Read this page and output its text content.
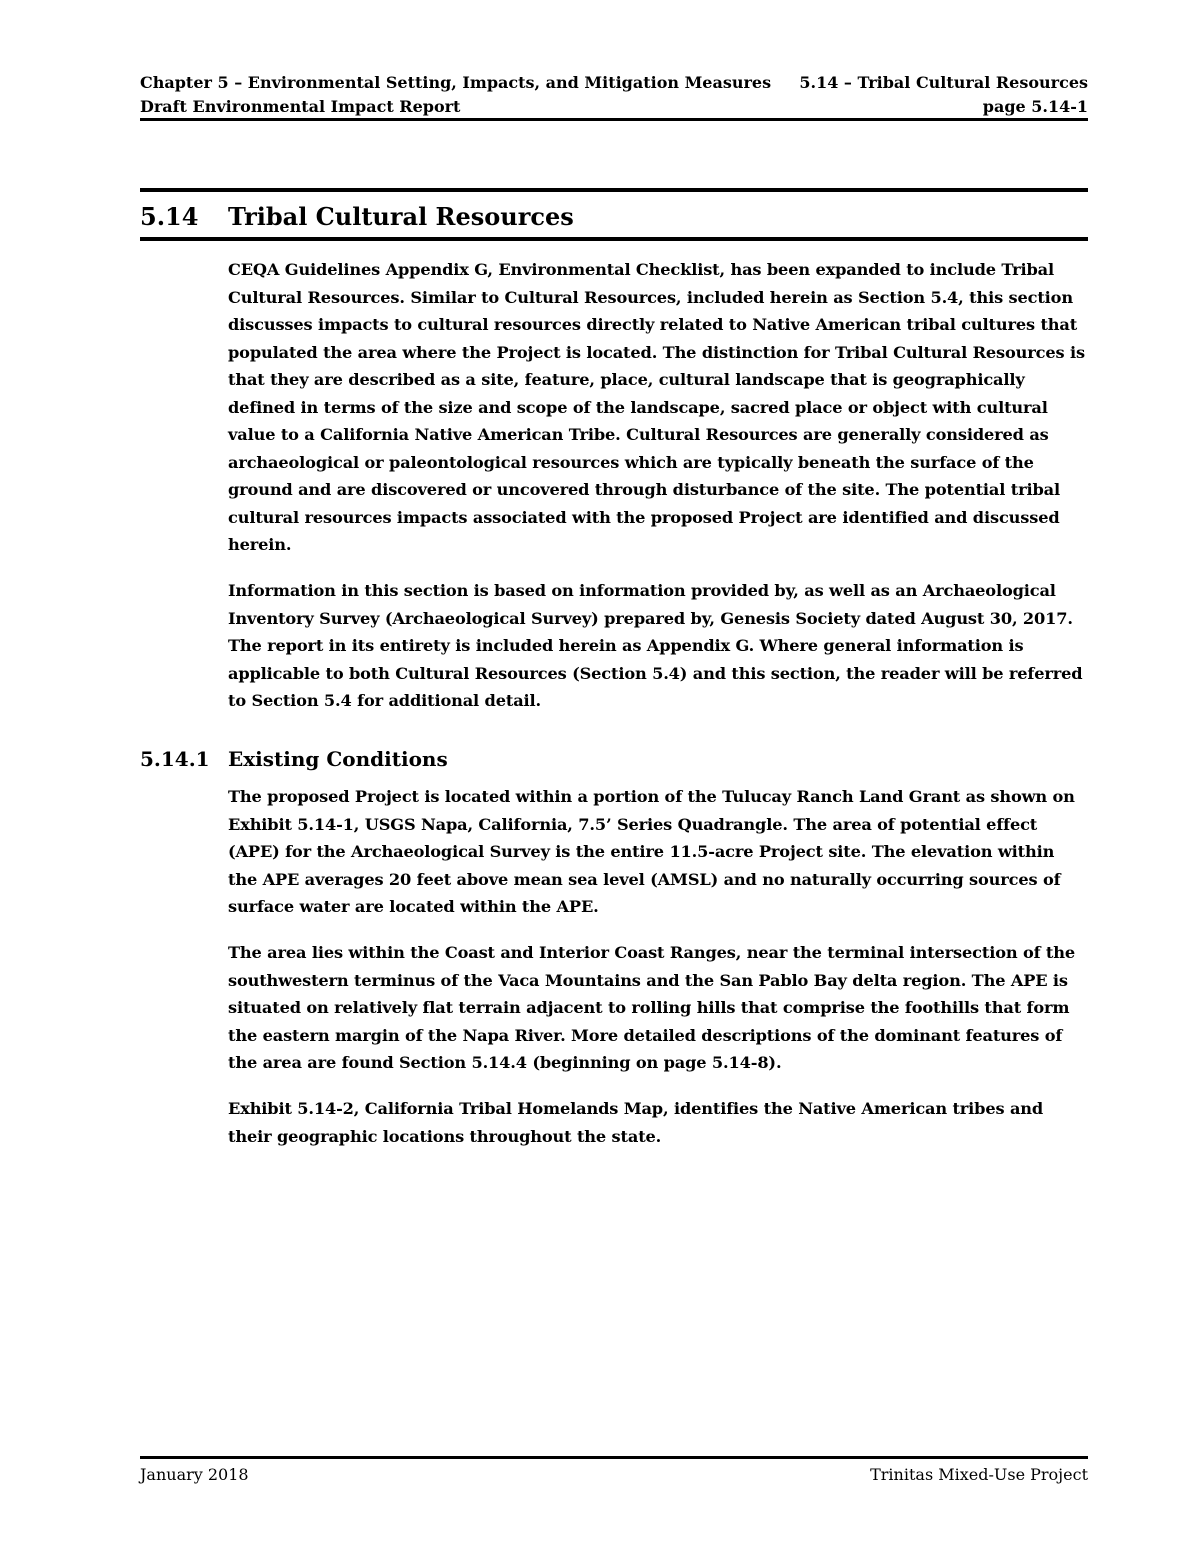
Chapter 5 – Environmental Setting, Impacts, and Mitigation Measures 5.14 – Tribal Cultural Resources
Draft Environmental Impact Report	page 5.14-1
5.14	Tribal Cultural Resources

CEQA Guidelines Appendix G, Environmental Checklist, has been expanded to include Tribal Cultural Resources. Similar to Cultural Resources, included herein as Section 5.4, this section discusses impacts to cultural resources directly related to Native American tribal cultures that populated the area where the Project is located. The distinction for Tribal Cultural Resources is that they are described as a site, feature, place, cultural landscape that is geographically defined in terms of the size and scope of the landscape, sacred place or object with cultural value to a California Native American Tribe. Cultural Resources are generally considered as archaeological or paleontological resources which are typically beneath the surface of the ground and are discovered or uncovered through disturbance of the site. The potential tribal cultural resources impacts associated with the proposed Project are identified and discussed herein.

Information in this section is based on information provided by, as well as an Archaeological Inventory Survey (Archaeological Survey) prepared by, Genesis Society dated August 30, 2017. The report in its entirety is included herein as Appendix G. Where general information is applicable to both Cultural Resources (Section 5.4) and this section, the reader will be referred to Section 5.4 for additional detail.

5.14.1 Existing Conditions

The proposed Project is located within a portion of the Tulucay Ranch Land Grant as shown on Exhibit 5.14-1, USGS Napa, California, 7.5’ Series Quadrangle. The area of potential effect (APE) for the Archaeological Survey is the entire 11.5-acre Project site. The elevation within the APE averages 20 feet above mean sea level (AMSL) and no naturally occurring sources of surface water are located within the APE.

The area lies within the Coast and Interior Coast Ranges, near the terminal intersection of the southwestern terminus of the Vaca Mountains and the San Pablo Bay delta region. The APE is situated on relatively flat terrain adjacent to rolling hills that comprise the foothills that form the eastern margin of the Napa River. More detailed descriptions of the dominant features of the area are found Section 5.14.4 (beginning on page 5.14-8).

Exhibit 5.14-2, California Tribal Homelands Map, identifies the Native American tribes and their geographic locations throughout the state.

January 2018	Trinitas Mixed-Use Project
